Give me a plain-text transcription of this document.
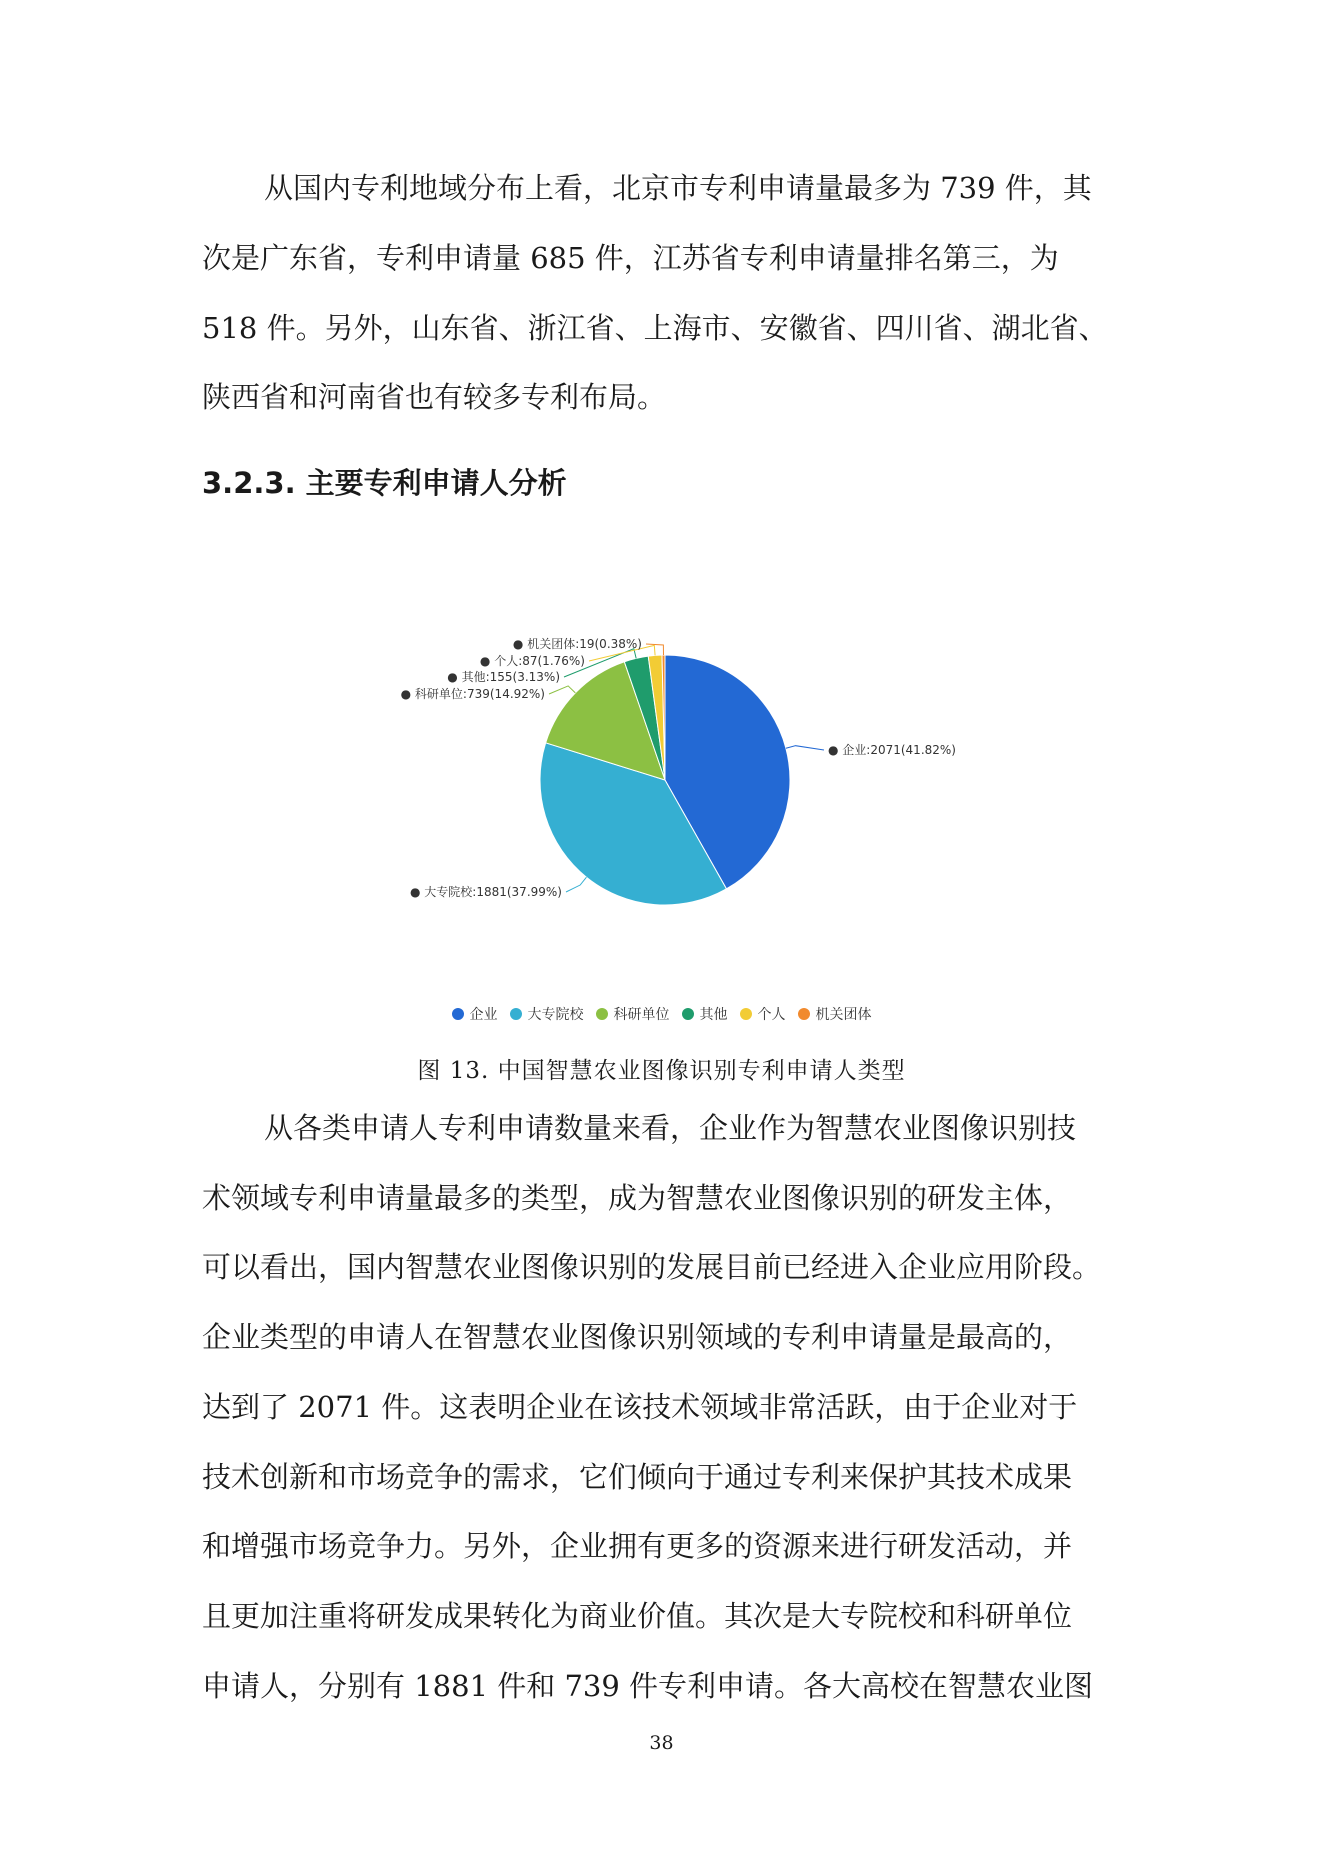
从国内专利地域分布上看，北京市专利申请量最多为 739 件，其
次是广东省，专利申请量 685 件，江苏省专利申请量排名第三，为
518 件。另外，山东省、浙江省、上海市、安徽省、四川省、湖北省、
陕西省和河南省也有较多专利布局。
3.2.3. 主要专利申请人分析
● 企业:2071(41.82%)
● 大专院校:1881(37.99%)
● 科研单位:739(14.92%)
● 其他:155(3.13%)
● 个人:87(1.76%)
● 机关团体:19(0.38%)
企业 大专院校 科研单位 其他 个人 机关团体
图 13. 中国智慧农业图像识别专利申请人类型
从各类申请人专利申请数量来看，企业作为智慧农业图像识别技
术领域专利申请量最多的类型，成为智慧农业图像识别的研发主体，
可以看出，国内智慧农业图像识别的发展目前已经进入企业应用阶段。
企业类型的申请人在智慧农业图像识别领域的专利申请量是最高的，
达到了 2071 件。这表明企业在该技术领域非常活跃，由于企业对于
技术创新和市场竞争的需求，它们倾向于通过专利来保护其技术成果
和增强市场竞争力。另外，企业拥有更多的资源来进行研发活动，并
且更加注重将研发成果转化为商业价值。其次是大专院校和科研单位
申请人，分别有 1881 件和 739 件专利申请。各大高校在智慧农业图
38
